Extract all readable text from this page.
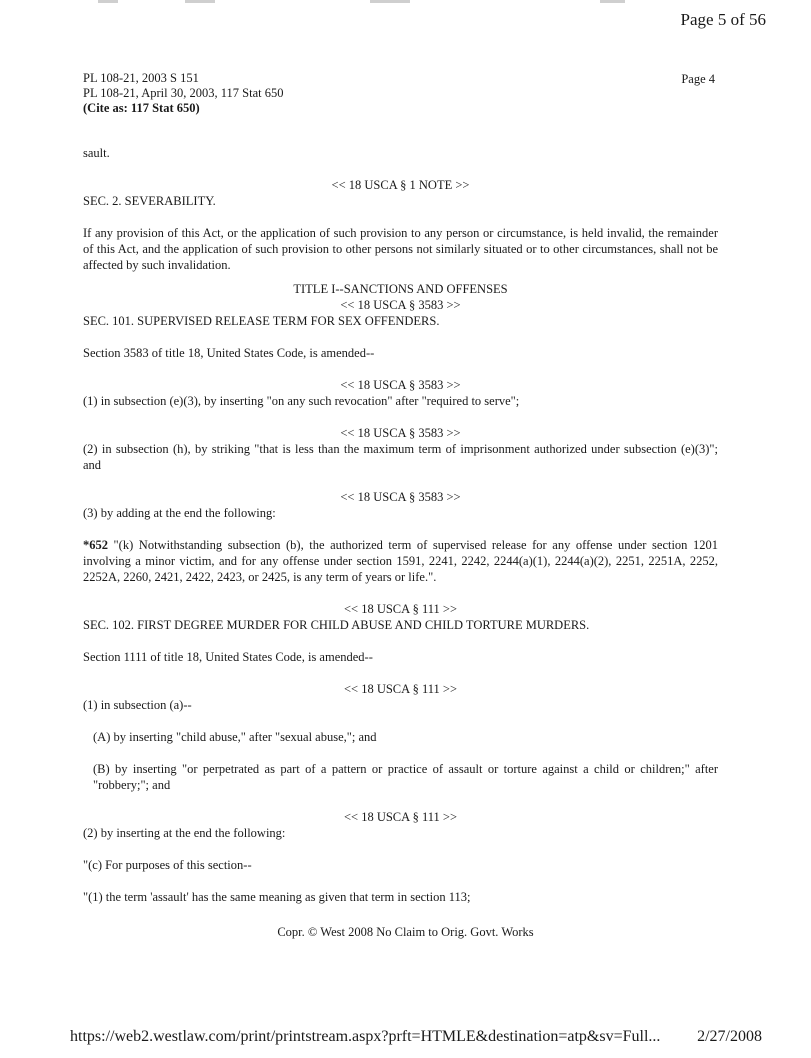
Page 5 of 56
PL 108-21, 2003 S 151
PL 108-21, April 30, 2003, 117 Stat 650
(Cite as: 117 Stat 650)
Page 4

sault.

<< 18 USCA § 1 NOTE >>

SEC. 2. SEVERABILITY.

If any provision of this Act, or the application of such provision to any person or circumstance, is held invalid, the remainder of this Act, and the application of such provision to other persons not similarly situated or to other circumstances, shall not be affected by such invalidation.

TITLE I--SANCTIONS AND OFFENSES

<< 18 USCA § 3583 >>

SEC. 101. SUPERVISED RELEASE TERM FOR SEX OFFENDERS.

Section 3583 of title 18, United States Code, is amended--

<< 18 USCA § 3583 >>

(1) in subsection (e)(3), by inserting "on any such revocation" after "required to serve";

<< 18 USCA § 3583 >>

(2) in subsection (h), by striking "that is less than the maximum term of imprisonment authorized under subsection (e)(3)"; and

<< 18 USCA § 3583 >>

(3) by adding at the end the following:

*652 "(k) Notwithstanding subsection (b), the authorized term of supervised release for any offense under section 1201 involving a minor victim, and for any offense under section 1591, 2241, 2242, 2244(a)(1), 2244(a)(2), 2251, 2251A, 2252, 2252A, 2260, 2421, 2422, 2423, or 2425, is any term of years or life.".

<< 18 USCA § 111 >>

SEC. 102. FIRST DEGREE MURDER FOR CHILD ABUSE AND CHILD TORTURE MURDERS.

Section 1111 of title 18, United States Code, is amended--

<< 18 USCA § 111 >>

(1) in subsection (a)--

(A) by inserting "child abuse," after "sexual abuse,"; and

(B) by inserting "or perpetrated as part of a pattern or practice of assault or torture against a child or children;" after "robbery;"; and

<< 18 USCA § 111 >>

(2) by inserting at the end the following:

"(c) For purposes of this section--

"(1) the term 'assault' has the same meaning as given that term in section 113;

Copr. © West 2008 No Claim to Orig. Govt. Works
https://web2.westlaw.com/print/printstream.aspx?prft=HTMLE&destination=atp&sv=Full... 2/27/2008
